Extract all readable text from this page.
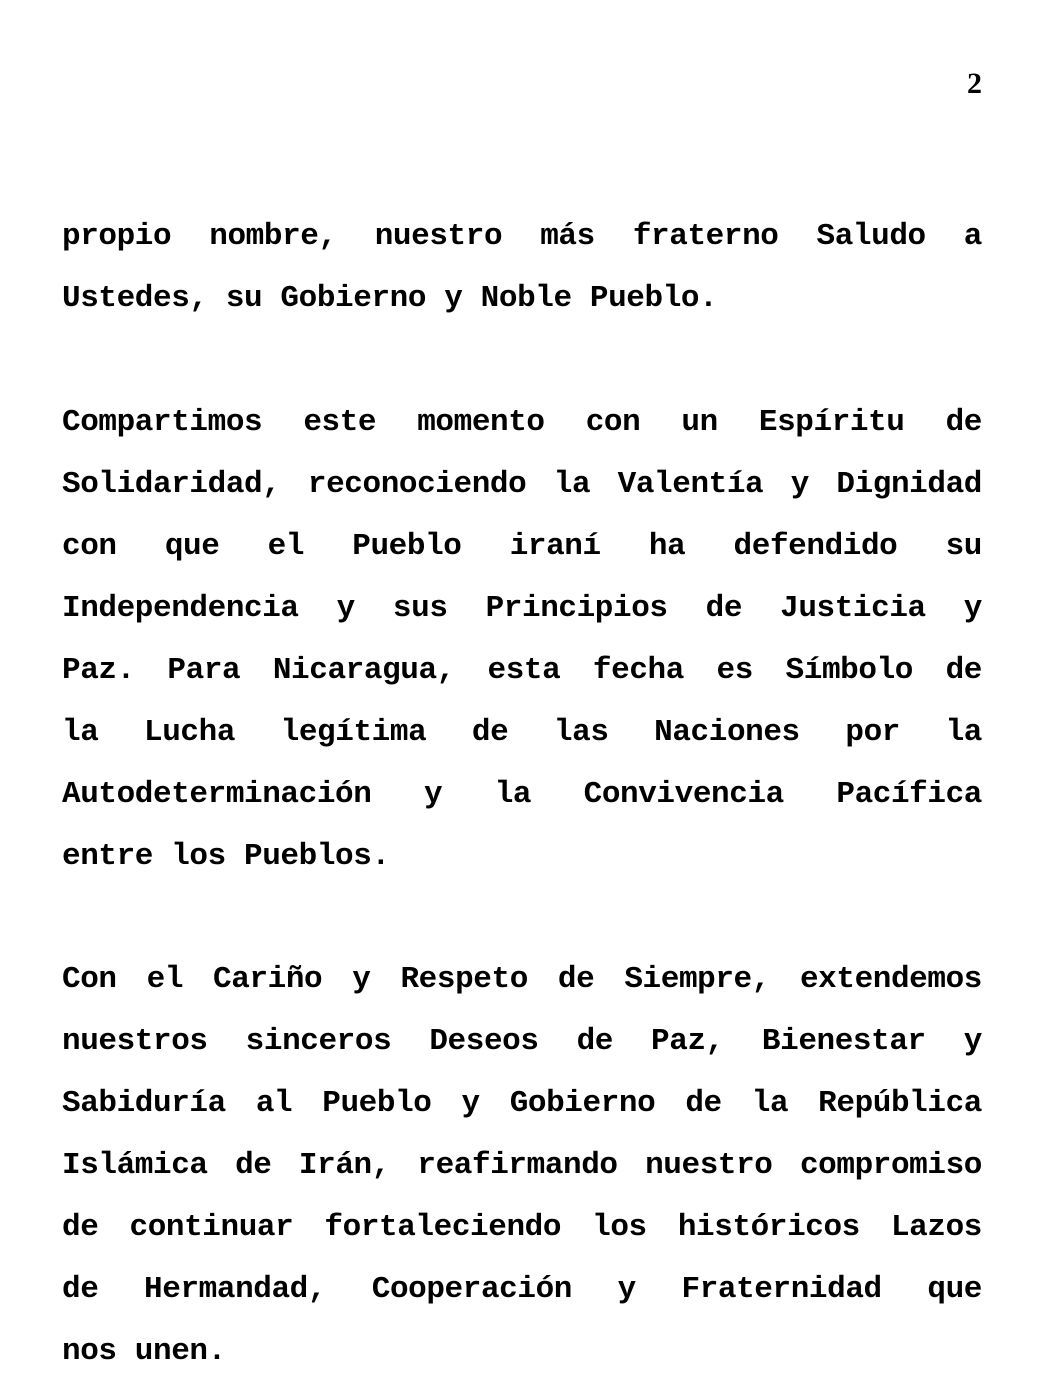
2
propio nombre, nuestro más fraterno Saludo a
Ustedes, su Gobierno y Noble Pueblo.
Compartimos este momento con un Espíritu de
Solidaridad, reconociendo la Valentía y Dignidad
con que el Pueblo iraní ha defendido su
Independencia y sus Principios de Justicia y
Paz. Para Nicaragua, esta fecha es Símbolo de
la Lucha legítima de las Naciones por la
Autodeterminación y la Convivencia Pacífica
entre los Pueblos.
Con el Cariño y Respeto de Siempre, extendemos
nuestros sinceros Deseos de Paz, Bienestar y
Sabiduría al Pueblo y Gobierno de la República
Islámica de Irán, reafirmando nuestro compromiso
de continuar fortaleciendo los históricos Lazos
de Hermandad, Cooperación y Fraternidad que
nos unen.
